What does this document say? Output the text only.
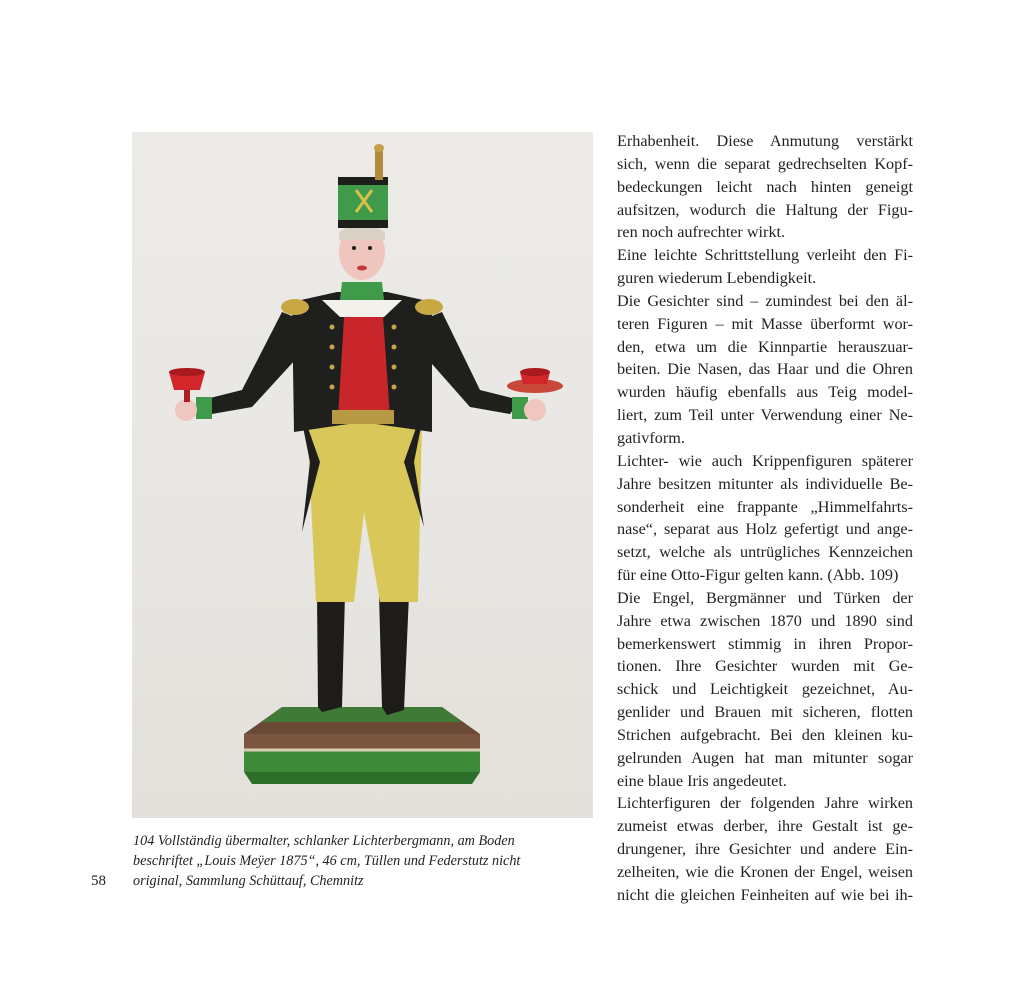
104 Vollständig übermalter, schlanker Lichterbergmann, am Boden
beschriftet „Louis Meÿer 1875“, 46 cm, Tüllen und Federstutz nicht
original, Sammlung Schüttauf, Chemnitz

58
Erhabenheit. Diese Anmutung verstärkt
sich, wenn die separat gedrechselten Kopf-
bedeckungen leicht nach hinten geneigt
aufsitzen, wodurch die Haltung der Figu-
ren noch aufrechter wirkt.
Eine leichte Schrittstellung verleiht den Fi-
guren wiederum Lebendigkeit.
Die Gesichter sind – zumindest bei den äl-
teren Figuren – mit Masse überformt wor-
den, etwa um die Kinnpartie herauszuar-
beiten. Die Nasen, das Haar und die Ohren
wurden häufig ebenfalls aus Teig model-
liert, zum Teil unter Verwendung einer Ne-
gativform.
Lichter- wie auch Krippenfiguren späterer
Jahre besitzen mitunter als individuelle Be-
sonderheit eine frappante „Himmelfahrts-
nase“, separat aus Holz gefertigt und ange-
setzt, welche als untrügliches Kennzeichen
für eine Otto-Figur gelten kann. (Abb. 109)
Die Engel, Bergmänner und Türken der
Jahre etwa zwischen 1870 und 1890 sind
bemerkenswert stimmig in ihren Propor-
tionen. Ihre Gesichter wurden mit Ge-
schick und Leichtigkeit gezeichnet, Au-
genlider und Brauen mit sicheren, flotten
Strichen aufgebracht. Bei den kleinen ku-
gelrunden Augen hat man mitunter sogar
eine blaue Iris angedeutet.
Lichterfiguren der folgenden Jahre wirken
zumeist etwas derber, ihre Gestalt ist ge-
drungener, ihre Gesichter und andere Ein-
zelheiten, wie die Kronen der Engel, weisen
nicht die gleichen Feinheiten auf wie bei ih-
